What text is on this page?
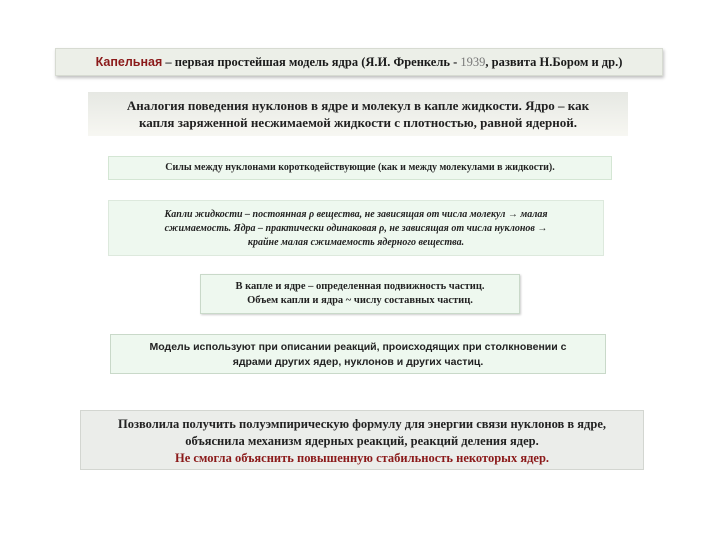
Капельная – первая простейшая модель ядра (Я.И. Френкель - 1939, развита Н.Бором и др.)
Аналогия поведения нуклонов в ядре и молекул в капле жидкости. Ядро – как
капля заряженной несжимаемой жидкости с плотностью, равной ядерной.
Силы между нуклонами короткодействующие (как и между молекулами в жидкости).
Капли жидкости – постоянная ρ вещества, не зависящая от числа молекул → малая
сжимаемость. Ядра – практически одинаковая ρ, не зависящая от числа нуклонов →
крайне малая сжимаемость ядерного вещества.
В капле и ядре – определенная подвижность частиц.
Объем капли и ядра ~ числу составных частиц.
Модель используют при описании реакций, происходящих при столкновении с
ядрами других ядер, нуклонов и других частиц.
Позволила получить полуэмпирическую формулу для энергии связи нуклонов в ядре,
объяснила механизм ядерных реакций, реакций деления ядер.
Не смогла объяснить повышенную стабильность некоторых ядер.
